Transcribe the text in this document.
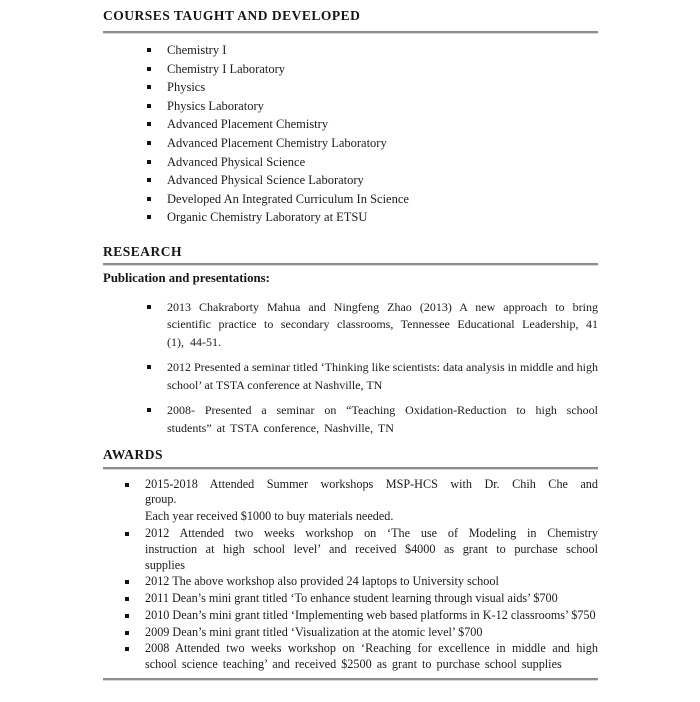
COURSES TAUGHT AND DEVELOPED
Chemistry I
Chemistry I Laboratory
Physics
Physics Laboratory
Advanced Placement Chemistry
Advanced Placement Chemistry Laboratory
Advanced Physical Science
Advanced Physical Science Laboratory
Developed An Integrated Curriculum In Science
Organic Chemistry Laboratory at ETSU
RESEARCH
Publication and presentations:

2013 Chakraborty Mahua and Ningfeng Zhao (2013) A new approach to bring scientific practice to secondary classrooms, Tennessee Educational Leadership, 41 (1), 44-51.

2012 Presented a seminar titled ‘Thinking like scientists: data analysis in middle and high school’ at TSTA conference at Nashville, TN

2008- Presented a seminar on “Teaching Oxidation-Reduction to high school students” at TSTA conference, Nashville, TN

AWARDS

2015-2018 Attended Summer workshops MSP-HCS with Dr. Chih Che and group.

Each year received $1000 to buy materials needed.

2012 Attended two weeks workshop on ‘The use of Modeling in Chemistry instruction at high school level’ and received $4000 as grant to purchase school supplies

2012 The above workshop also provided 24 laptops to University school

2011 Dean’s mini grant titled ‘To enhance student learning through visual aids’ $700

2010 Dean’s mini grant titled ‘Implementing web based platforms in K-12 classrooms’ $750

2009 Dean’s mini grant titled ‘Visualization at the atomic level’ $700

2008 Attended two weeks workshop on ‘Reaching for excellence in middle and high school science teaching’ and received $2500 as grant to purchase school supplies
